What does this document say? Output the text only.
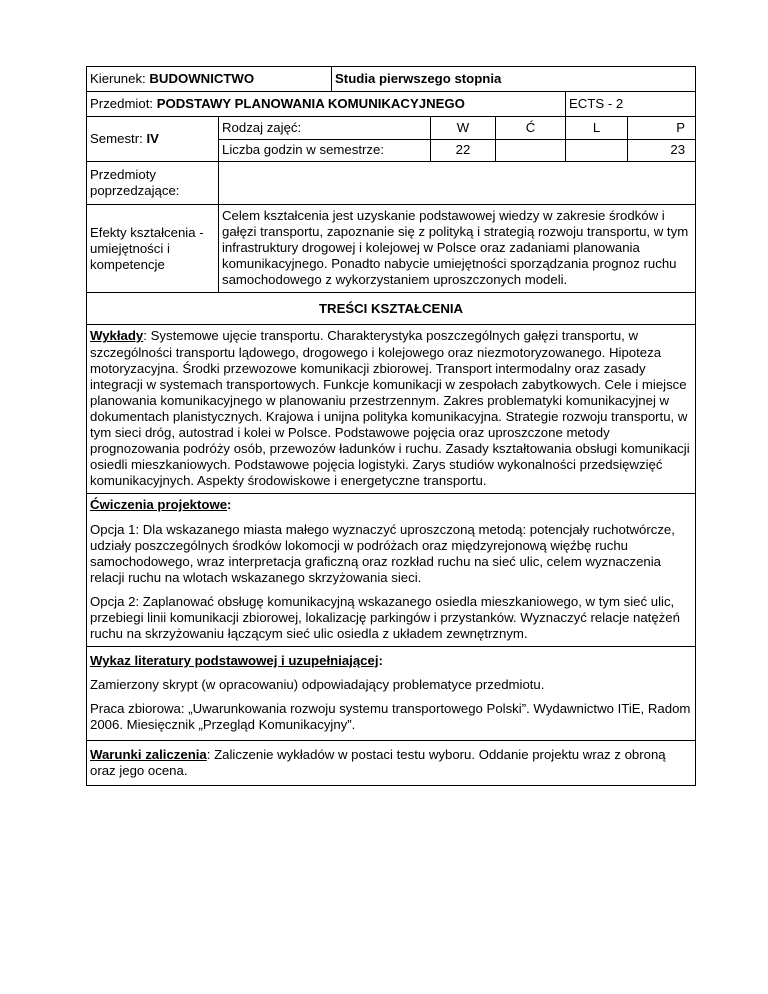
Kierunek: BUDOWNICTWO		Studia pierwszego stopnia				
Przedmiot: PODSTAWY PLANOWANIA KOMUNIKACYJNEGO					ECTS - 2	
Semestr: IV	Rodzaj zajęć:		W	Ć	L	P
	Liczba godzin w semestrze:		22			23
Przedmioty poprzedzające:						
Efekty kształcenia - umiejętności i kompetencje	Celem kształcenia jest uzyskanie podstawowej wiedzy w zakresie środków i gałęzi transportu, zapoznanie się z polityką i strategią rozwoju transportu, w tym infrastruktury drogowej i kolejowej w Polsce oraz zadaniami planowania komunikacyjnego. Ponadto nabycie umiejętności sporządzania prognoz ruchu samochodowego z wykorzystaniem uproszczonych modeli.					
TREŚCI KSZTAŁCENIA						
Wykłady: Systemowe ujęcie transportu. Charakterystyka poszczególnych gałęzi transportu, w szczególności transportu lądowego, drogowego i kolejowego oraz niezmotoryzowanego. Hipoteza motoryzacyjna. Środki przewozowe komunikacji zbiorowej. Transport intermodalny oraz zasady integracji w systemach transportowych. Funkcje komunikacji w zespołach zabytkowych. Cele i miejsce planowania komunikacyjnego w planowaniu przestrzennym. Zakres problematyki komunikacyjnej w dokumentach planistycznych. Krajowa i unijna polityka komunikacyjna. Strategie rozwoju transportu, w tym sieci dróg, autostrad i kolei w Polsce. Podstawowe pojęcia oraz uproszczone metody prognozowania podróży osób, przewozów ładunków i ruchu. Zasady kształtowania obsługi komunikacji osiedli mieszkaniowych. Podstawowe pojęcia logistyki. Zarys studiów wykonalności przedsięwzięć komunikacyjnych. Aspekty środowiskowe i energetyczne transportu.						

Ćwiczenia projektowe:

Opcja 1: Dla wskazanego miasta małego wyznaczyć uproszczoną metodą: potencjały ruchotwórcze, udziały poszczególnych środków lokomocji w podróżach oraz międzyrejonową więźbę ruchu samochodowego, wraz interpretacja graficzną oraz rozkład ruchu na sieć ulic, celem wyznaczenia relacji ruchu na wlotach wskazanego skrzyżowania sieci.

Opcja 2: Zaplanować obsługę komunikacyjną wskazanego osiedla mieszkaniowego, w tym sieć ulic, przebiegi linii komunikacji zbiorowej, lokalizację parkingów i przystanków. Wyznaczyć relacje natężeń ruchu na skrzyżowaniu łączącym sieć ulic osiedla z układem zewnętrznym.						

Wykaz literatury podstawowej i uzupełniającej:

Zamierzony skrypt (w opracowaniu) odpowiadający problematyce przedmiotu.

Praca zbiorowa: „Uwarunkowania rozwoju systemu transportowego Polski”. Wydawnictwo ITiE, Radom 2006. Miesięcznik „Przegląd Komunikacyjny”.						

Warunki zaliczenia: Zaliczenie wykładów w postaci testu wyboru. Oddanie projektu wraz z obroną oraz jego ocena.						
